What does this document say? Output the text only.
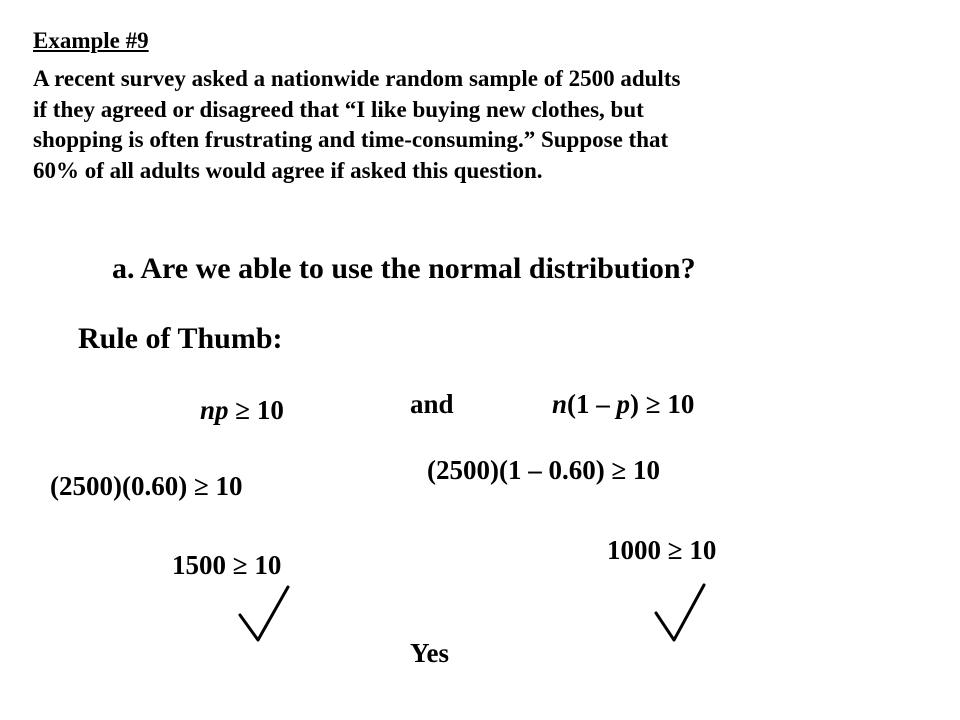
Example #9
A recent survey asked a nationwide random sample of 2500 adults
if they agreed or disagreed that “I like buying new clothes, but
shopping is often frustrating and time-consuming.” Suppose that
60% of all adults would agree if asked this question.
a. Are we able to use the normal distribution?
Rule of Thumb:
np ≥ 10	and	n(1 – p) ≥ 10
(2500)(1 – 0.60) ≥ 10
(2500)(0.60) ≥ 10
1000 ≥ 10
1500 ≥ 10
Yes
